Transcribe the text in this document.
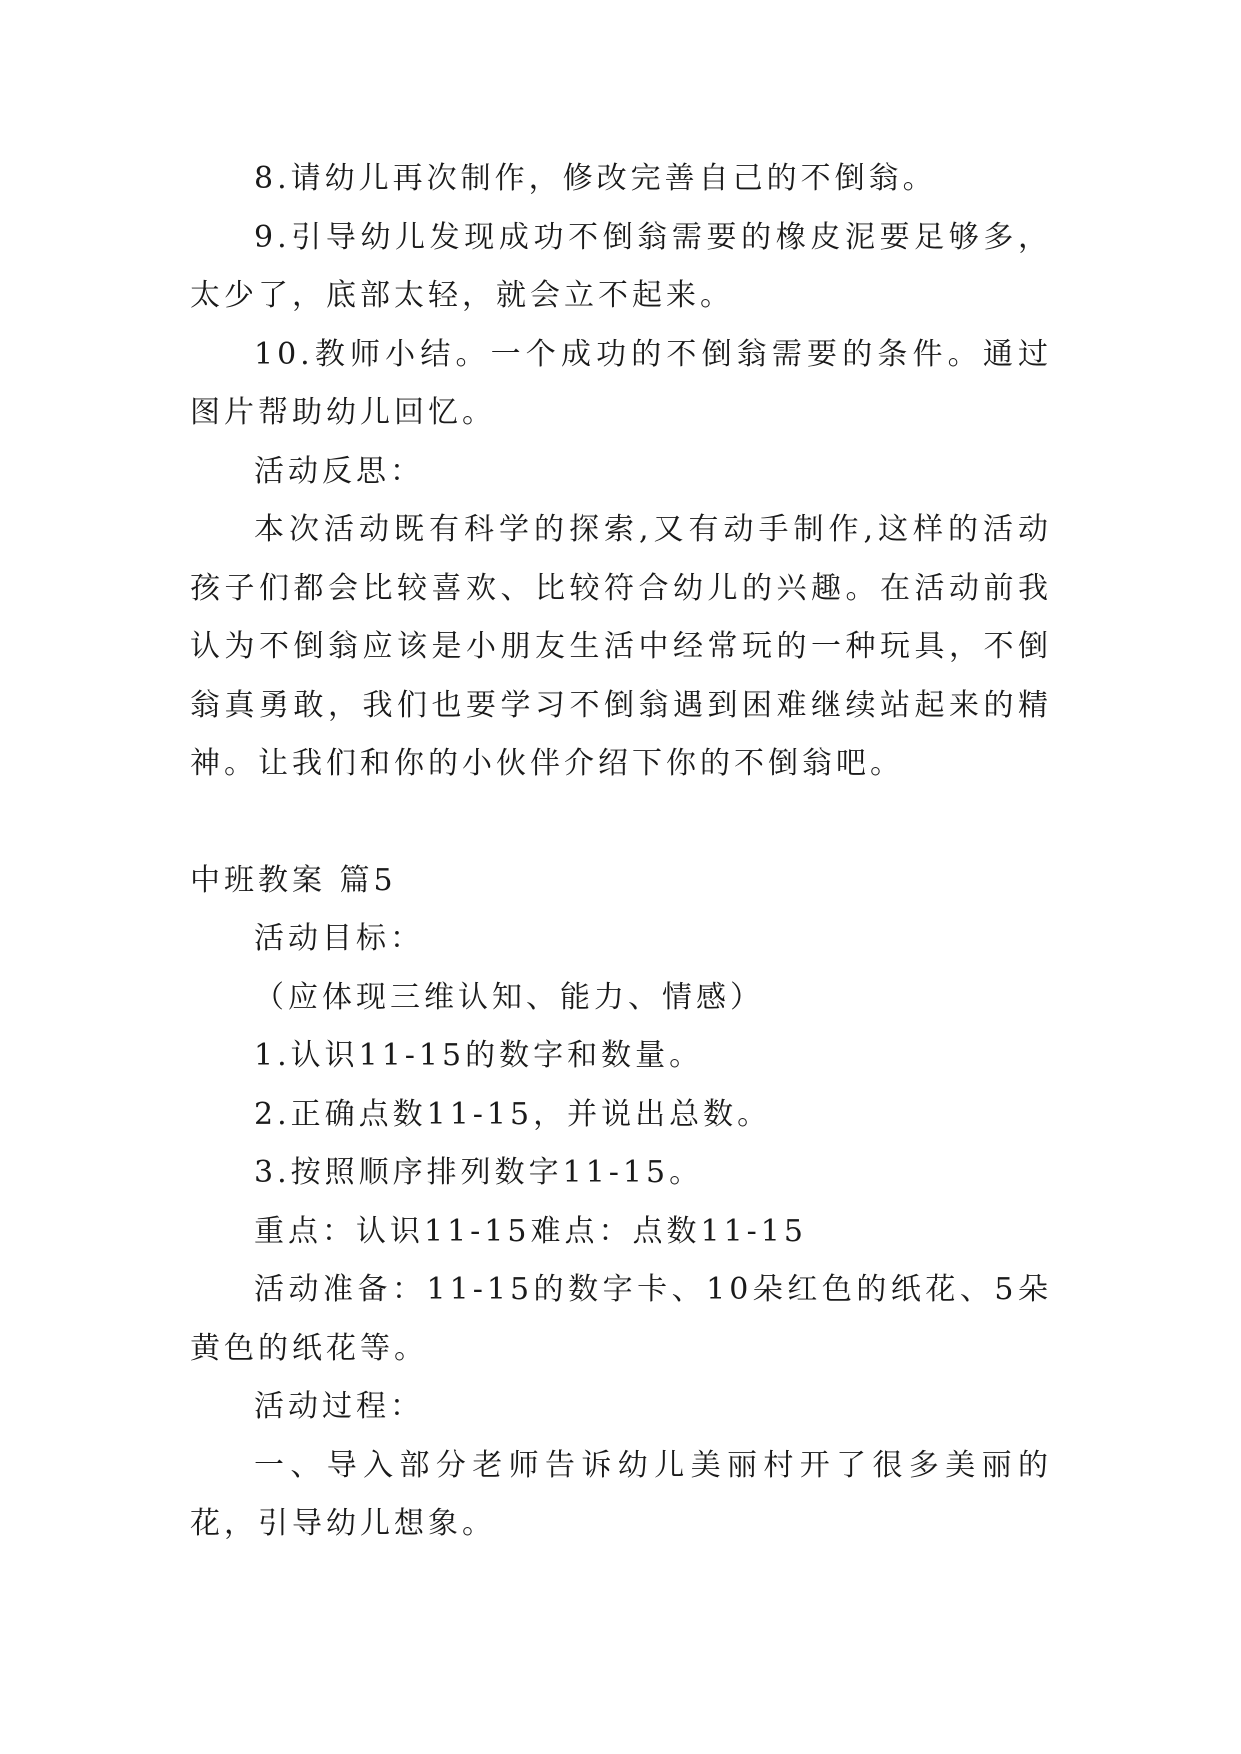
8.请幼儿再次制作，修改完善自己的不倒翁。

9.引导幼儿发现成功不倒翁需要的橡皮泥要足够多，太少了，底部太轻，就会立不起来。

10.教师小结。一个成功的不倒翁需要的条件。通过图片帮助幼儿回忆。

活动反思：

本次活动既有科学的探索,又有动手制作,这样的活动孩子们都会比较喜欢、比较符合幼儿的兴趣。在活动前我认为不倒翁应该是小朋友生活中经常玩的一种玩具，不倒翁真勇敢，我们也要学习不倒翁遇到困难继续站起来的精神。让我们和你的小伙伴介绍下你的不倒翁吧。

中班教案 篇5

活动目标：

（应体现三维认知、能力、情感）

1.认识11-15的数字和数量。

2.正确点数11-15，并说出总数。

3.按照顺序排列数字11-15。

重点：认识11-15难点：点数11-15

活动准备：11-15的数字卡、10朵红色的纸花、5朵黄色的纸花等。

活动过程：

一、导入部分老师告诉幼儿美丽村开了很多美丽的花，引导幼儿想象。
